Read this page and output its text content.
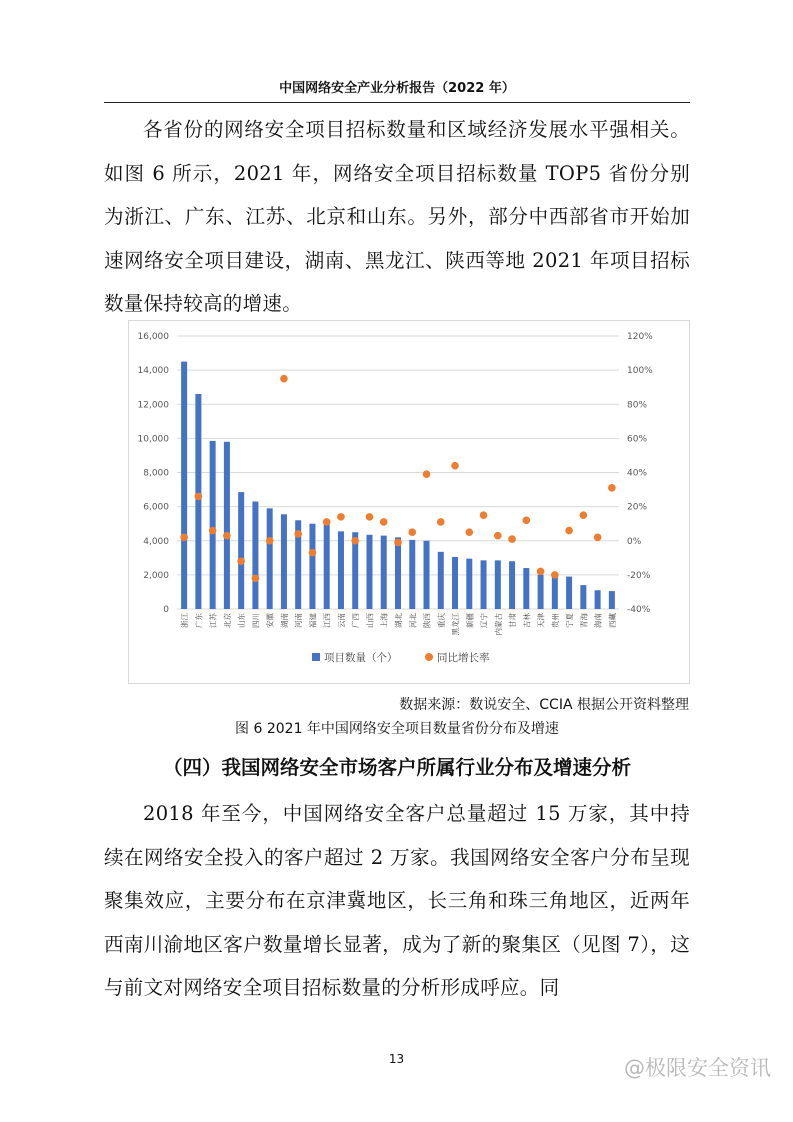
中国网络安全产业分析报告（2022 年）

各省份的网络安全项目招标数量和区域经济发展水平强相关。如图 6 所示，2021 年，网络安全项目招标数量 TOP5 省份分别为浙江、广东、江苏、北京和山东。另外，部分中西部省市开始加速网络安全项目建设，湖南、黑龙江、陕西等地 2021 年项目招标数量保持较高的增速。

0
2,000
4,000
6,000
8,000
10,000
12,000
14,000
16,000
-40%
-20%
0%
20%
40%
60%
80%
100%
120%
浙江 广东 江苏 北京 山东 四川 安徽 湖南 河南 福建 江西 云南 广西 山西 上海 湖北 河北 陕西 重庆 黑龙江 新疆 辽宁 内蒙古 甘肃 吉林 天津 贵州 宁夏 青海 海南 西藏
项目数量（个）	同比增长率
数据来源：数说安全、CCIA 根据公开资料整理
图 6 2021 年中国网络安全项目数量省份分布及增速
（四）我国网络安全市场客户所属行业分布及增速分析

2018 年至今，中国网络安全客户总量超过 15 万家，其中持续在网络安全投入的客户超过 2 万家。我国网络安全客户分布呈现聚集效应，主要分布在京津冀地区，长三角和珠三角地区，近两年西南川渝地区客户数量增长显著，成为了新的聚集区（见图 7），这与前文对网络安全项目招标数量的分析形成呼应。同

13	@极限安全资讯
